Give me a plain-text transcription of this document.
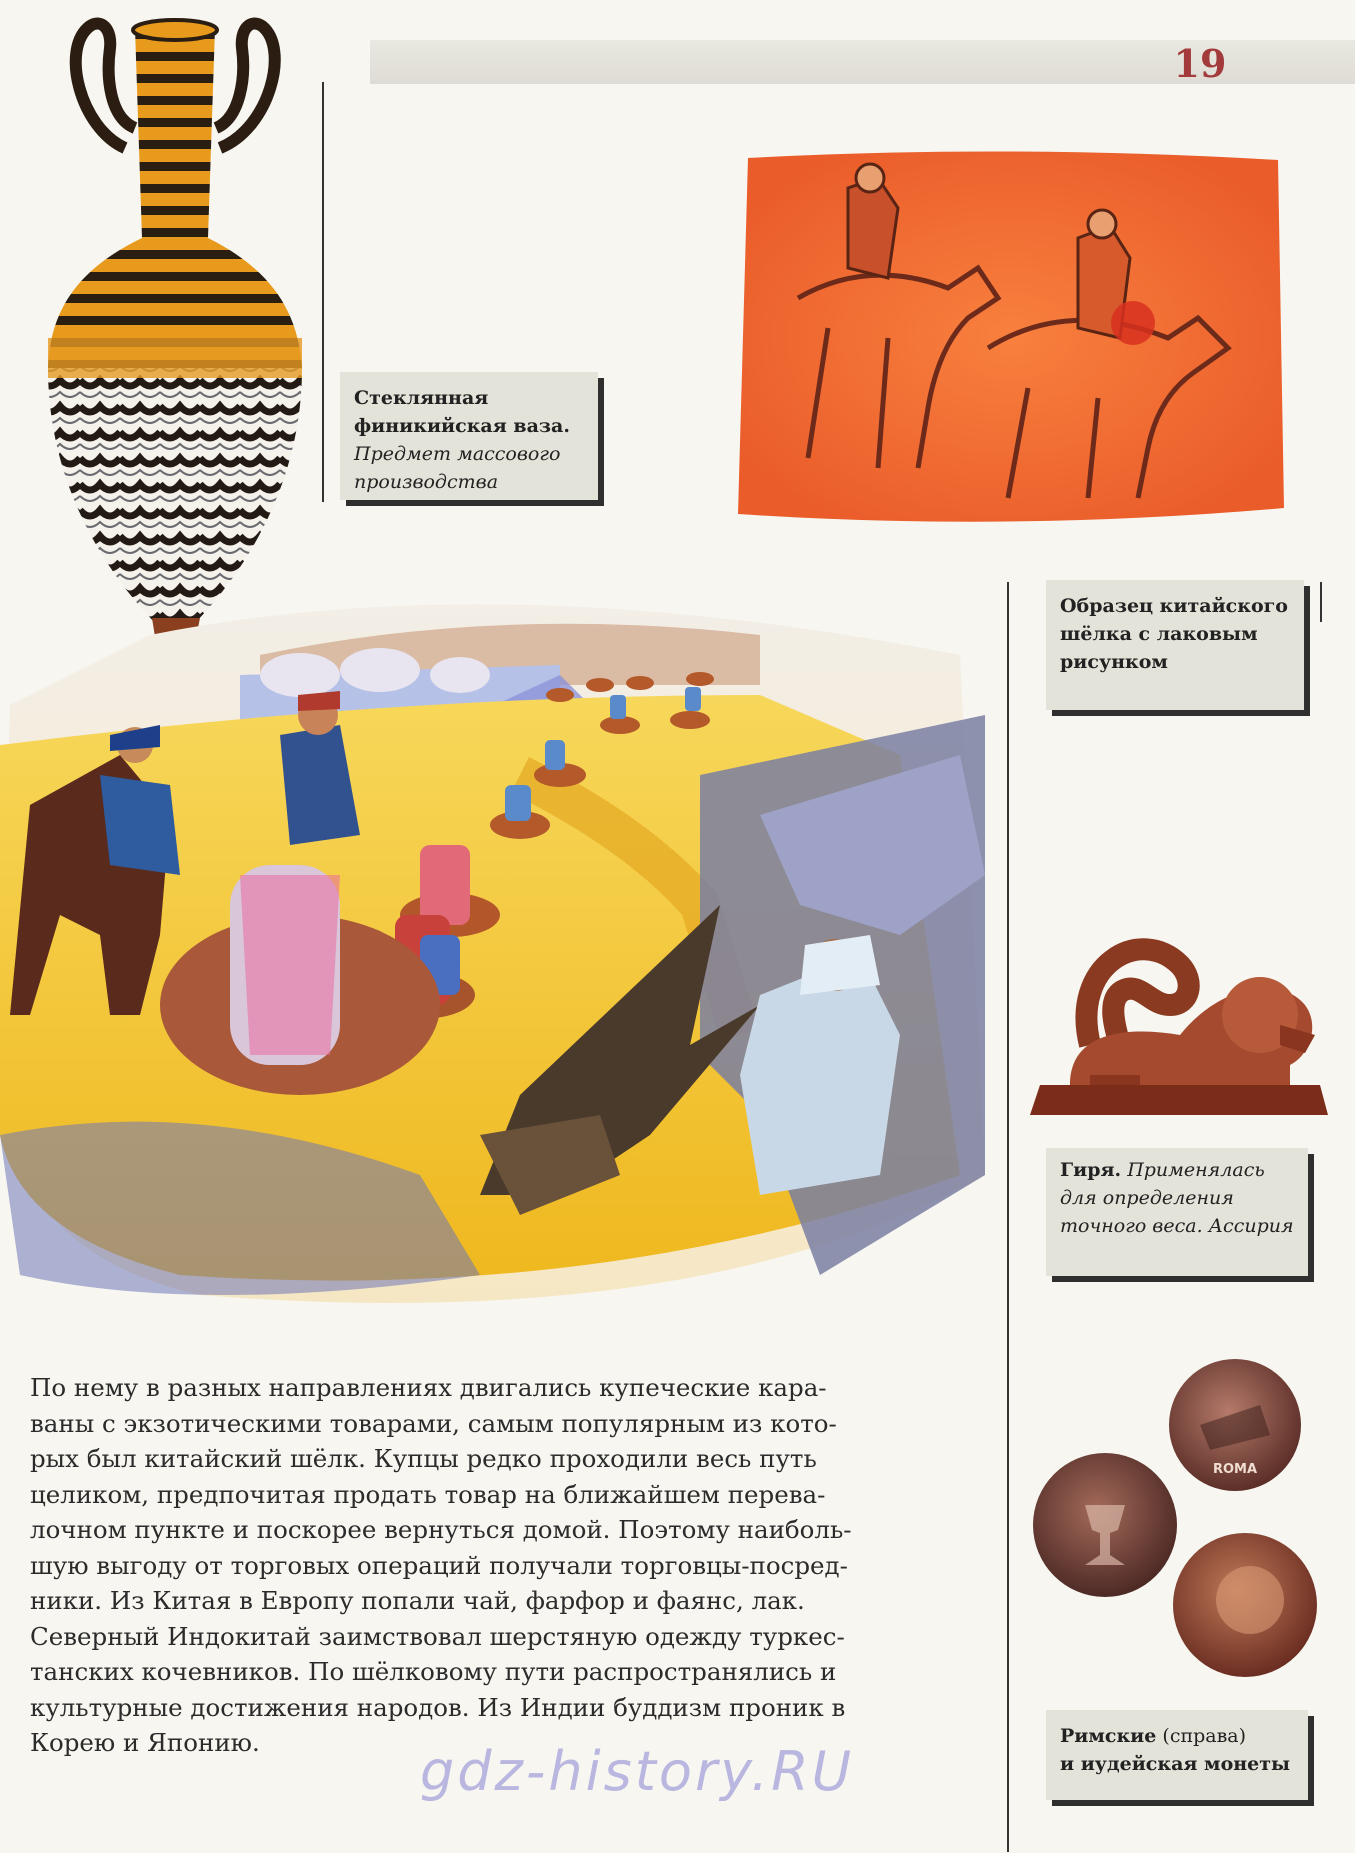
19
Стеклянная финикийская ваза.
Предмет массового производства
Образец китайского шёлка с лаковым рисунком
Гиря. Применялась для определения точного веса. Ассирия
ROMA
Римские (справа)
и иудейская монеты

По нему в разных направлениях двигались купеческие кара-

ваны с экзотическими товарами, самым популярным из кото-

рых был китайский шёлк. Купцы редко проходили весь путь

целиком, предпочитая продать товар на ближайшем перева-

лочном пункте и поскорее вернуться домой. Поэтому наиболь-

шую выгоду от торговых операций получали торговцы-посред-

ники. Из Китая в Европу попали чай, фарфор и фаянс, лак.

Северный Индокитай заимствовал шерстяную одежду туркес-

танских кочевников. По шёлковому пути распространялись и

культурные достижения народов. Из Индии буддизм проник в

Корею и Японию.	gdz-history.RU
